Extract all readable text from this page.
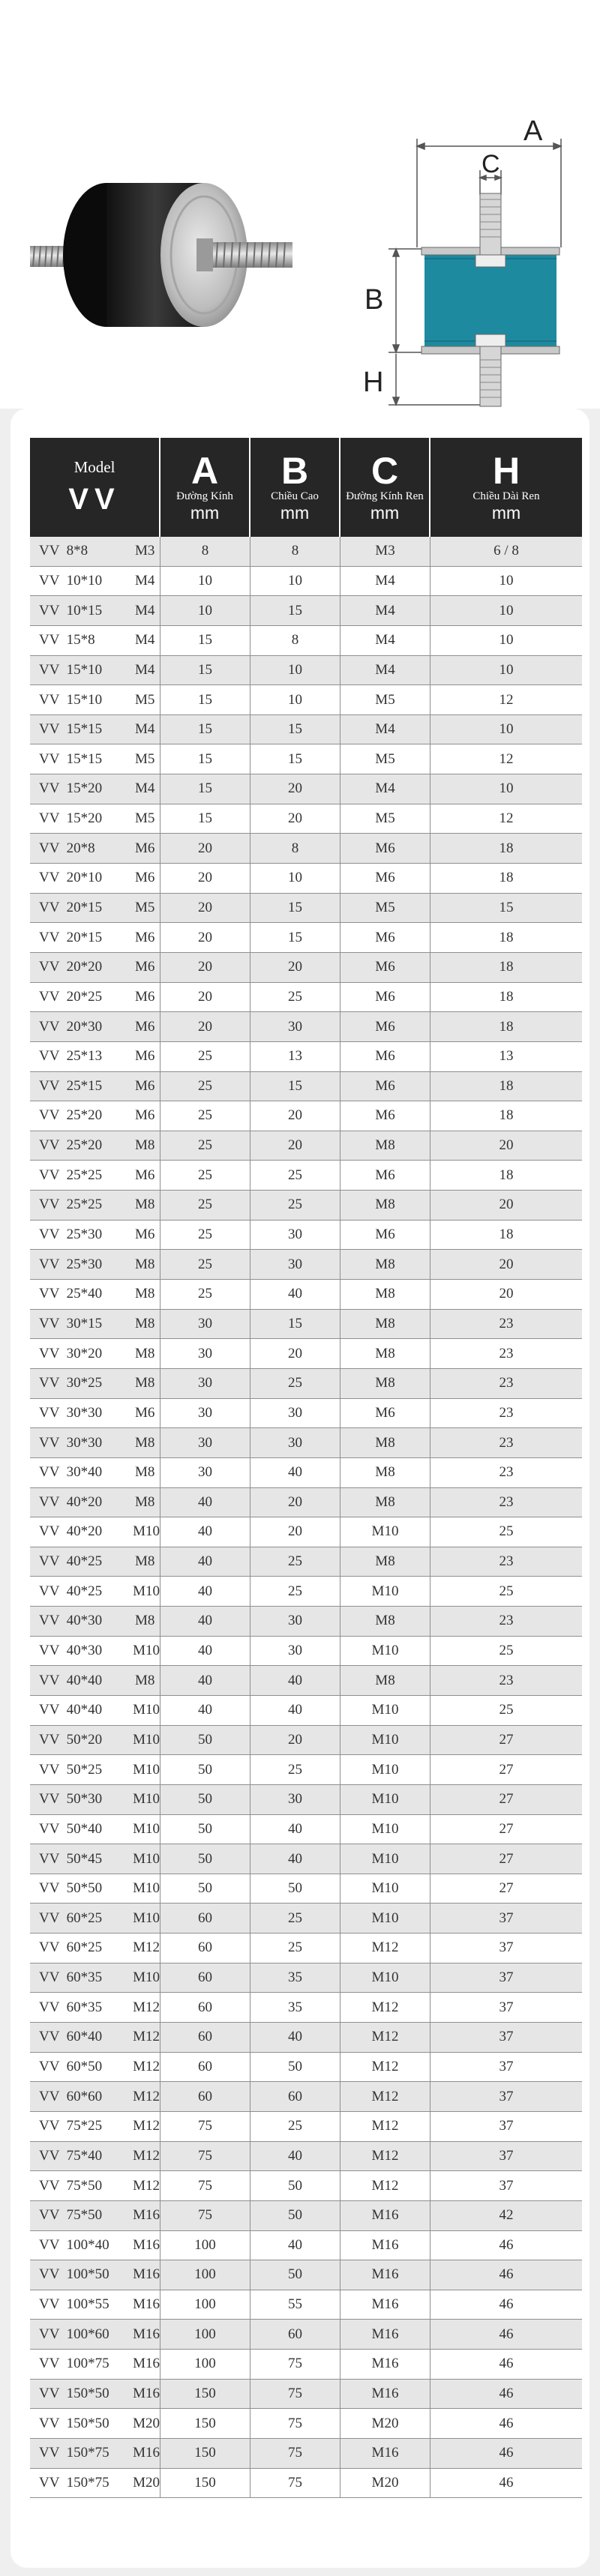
A
C
B
H
Model
VV
A
Đường Kính
mm
B
Chiều Cao
mm
C
Đường Kính Ren
mm
H
Chiều Dài Ren
mm
VV  8*8	M3	8	8	M3	6 / 8
VV  10*10	M4	10	10	M4	10
VV  10*15	M4	10	15	M4	10
VV  15*8	M4	15	8	M4	10
VV  15*10	M4	15	10	M4	10
VV  15*10	M5	15	10	M5	12
VV  15*15	M4	15	15	M4	10
VV  15*15	M5	15	15	M5	12
VV  15*20	M4	15	20	M4	10
VV  15*20	M5	15	20	M5	12
VV  20*8	M6	20	8	M6	18
VV  20*10	M6	20	10	M6	18
VV  20*15	M5	20	15	M5	15
VV  20*15	M6	20	15	M6	18
VV  20*20	M6	20	20	M6	18
VV  20*25	M6	20	25	M6	18
VV  20*30	M6	20	30	M6	18
VV  25*13	M6	25	13	M6	13
VV  25*15	M6	25	15	M6	18
VV  25*20	M6	25	20	M6	18
VV  25*20	M8	25	20	M8	20
VV  25*25	M6	25	25	M6	18
VV  25*25	M8	25	25	M8	20
VV  25*30	M6	25	30	M6	18
VV  25*30	M8	25	30	M8	20
VV  25*40	M8	25	40	M8	20
VV  30*15	M8	30	15	M8	23
VV  30*20	M8	30	20	M8	23
VV  30*25	M8	30	25	M8	23
VV  30*30	M6	30	30	M6	23
VV  30*30	M8	30	30	M8	23
VV  30*40	M8	30	40	M8	23
VV  40*20	M8	40	20	M8	23
VV  40*20	M10	40	20	M10	25
VV  40*25	M8	40	25	M8	23
VV  40*25	M10	40	25	M10	25
VV  40*30	M8	40	30	M8	23
VV  40*30	M10	40	30	M10	25
VV  40*40	M8	40	40	M8	23
VV  40*40	M10	40	40	M10	25
VV  50*20	M10	50	20	M10	27
VV  50*25	M10	50	25	M10	27
VV  50*30	M10	50	30	M10	27
VV  50*40	M10	50	40	M10	27
VV  50*45	M10	50	40	M10	27
VV  50*50	M10	50	50	M10	27
VV  60*25	M10	60	25	M10	37
VV  60*25	M12	60	25	M12	37
VV  60*35	M10	60	35	M10	37
VV  60*35	M12	60	35	M12	37
VV  60*40	M12	60	40	M12	37
VV  60*50	M12	60	50	M12	37
VV  60*60	M12	60	60	M12	37
VV  75*25	M12	75	25	M12	37
VV  75*40	M12	75	40	M12	37
VV  75*50	M12	75	50	M12	37
VV  75*50	M16	75	50	M16	42
VV  100*40	M16	100	40	M16	46
VV  100*50	M16	100	50	M16	46
VV  100*55	M16	100	55	M16	46
VV  100*60	M16	100	60	M16	46
VV  100*75	M16	100	75	M16	46
VV  150*50	M16	150	75	M16	46
VV  150*50	M20	150	75	M20	46
VV  150*75	M16	150	75	M16	46
VV  150*75	M20	150	75	M20	46
